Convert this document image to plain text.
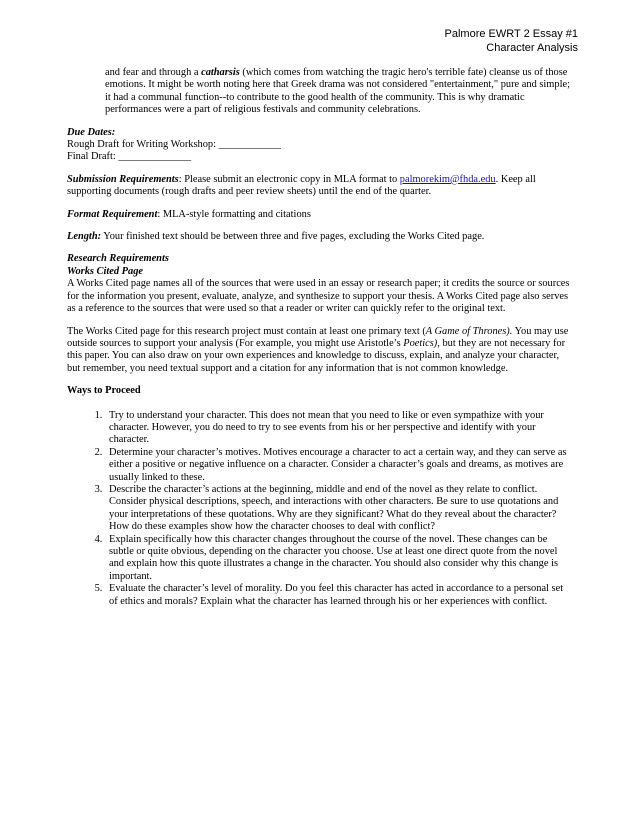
Palmore EWRT 2 Essay #1
Character Analysis

and fear and through a catharsis (which comes from watching the tragic hero's terrible fate) cleanse us of those emotions. It might be worth noting here that Greek drama was not considered "entertainment," pure and simple; it had a communal function--to contribute to the good health of the community. This is why dramatic performances were a part of religious festivals and community celebrations.

Due Dates:
Rough Draft for Writing Workshop: ____________
Final Draft: ______________

Submission Requirements: Please submit an electronic copy in MLA format to palmorekim@fhda.edu. Keep all supporting documents (rough drafts and peer review sheets) until the end of the quarter.

Format Requirement: MLA-style formatting and citations

Length: Your finished text should be between three and five pages, excluding the Works Cited page.

Research Requirements
Works Cited Page

A Works Cited page names all of the sources that were used in an essay or research paper; it credits the source or sources for the information you present, evaluate, analyze, and synthesize to support your thesis. A Works Cited page also serves as a reference to the sources that were used so that a reader or writer can quickly refer to the original text.

The Works Cited page for this research project must contain at least one primary text (A Game of Thrones). You may use outside sources to support your analysis (For example, you might use Aristotle’s Poetics), but they are not necessary for this paper. You can also draw on your own experiences and knowledge to discuss, explain, and analyze your character, but remember, you need textual support and a citation for any information that is not common knowledge.

Ways to Proceed
1. Try to understand your character. This does not mean that you need to like or even sympathize with your character. However, you do need to try to see events from his or her perspective and identify with your character.
2. Determine your character’s motives. Motives encourage a character to act a certain way, and they can serve as either a positive or negative influence on a character. Consider a character’s goals and dreams, as motives are usually linked to these.
3. Describe the character’s actions at the beginning, middle and end of the novel as they relate to conflict. Consider physical descriptions, speech, and interactions with other characters. Be sure to use quotations and your interpretations of these quotations. Why are they significant? What do they reveal about the character? How do these examples show how the character chooses to deal with conflict?
4. Explain specifically how this character changes throughout the course of the novel. These changes can be subtle or quite obvious, depending on the character you choose. Use at least one direct quote from the novel and explain how this quote illustrates a change in the character. You should also consider why this change is important.
5. Evaluate the character’s level of morality. Do you feel this character has acted in accordance to a personal set of ethics and morals? Explain what the character has learned through his or her experiences with conflict.
